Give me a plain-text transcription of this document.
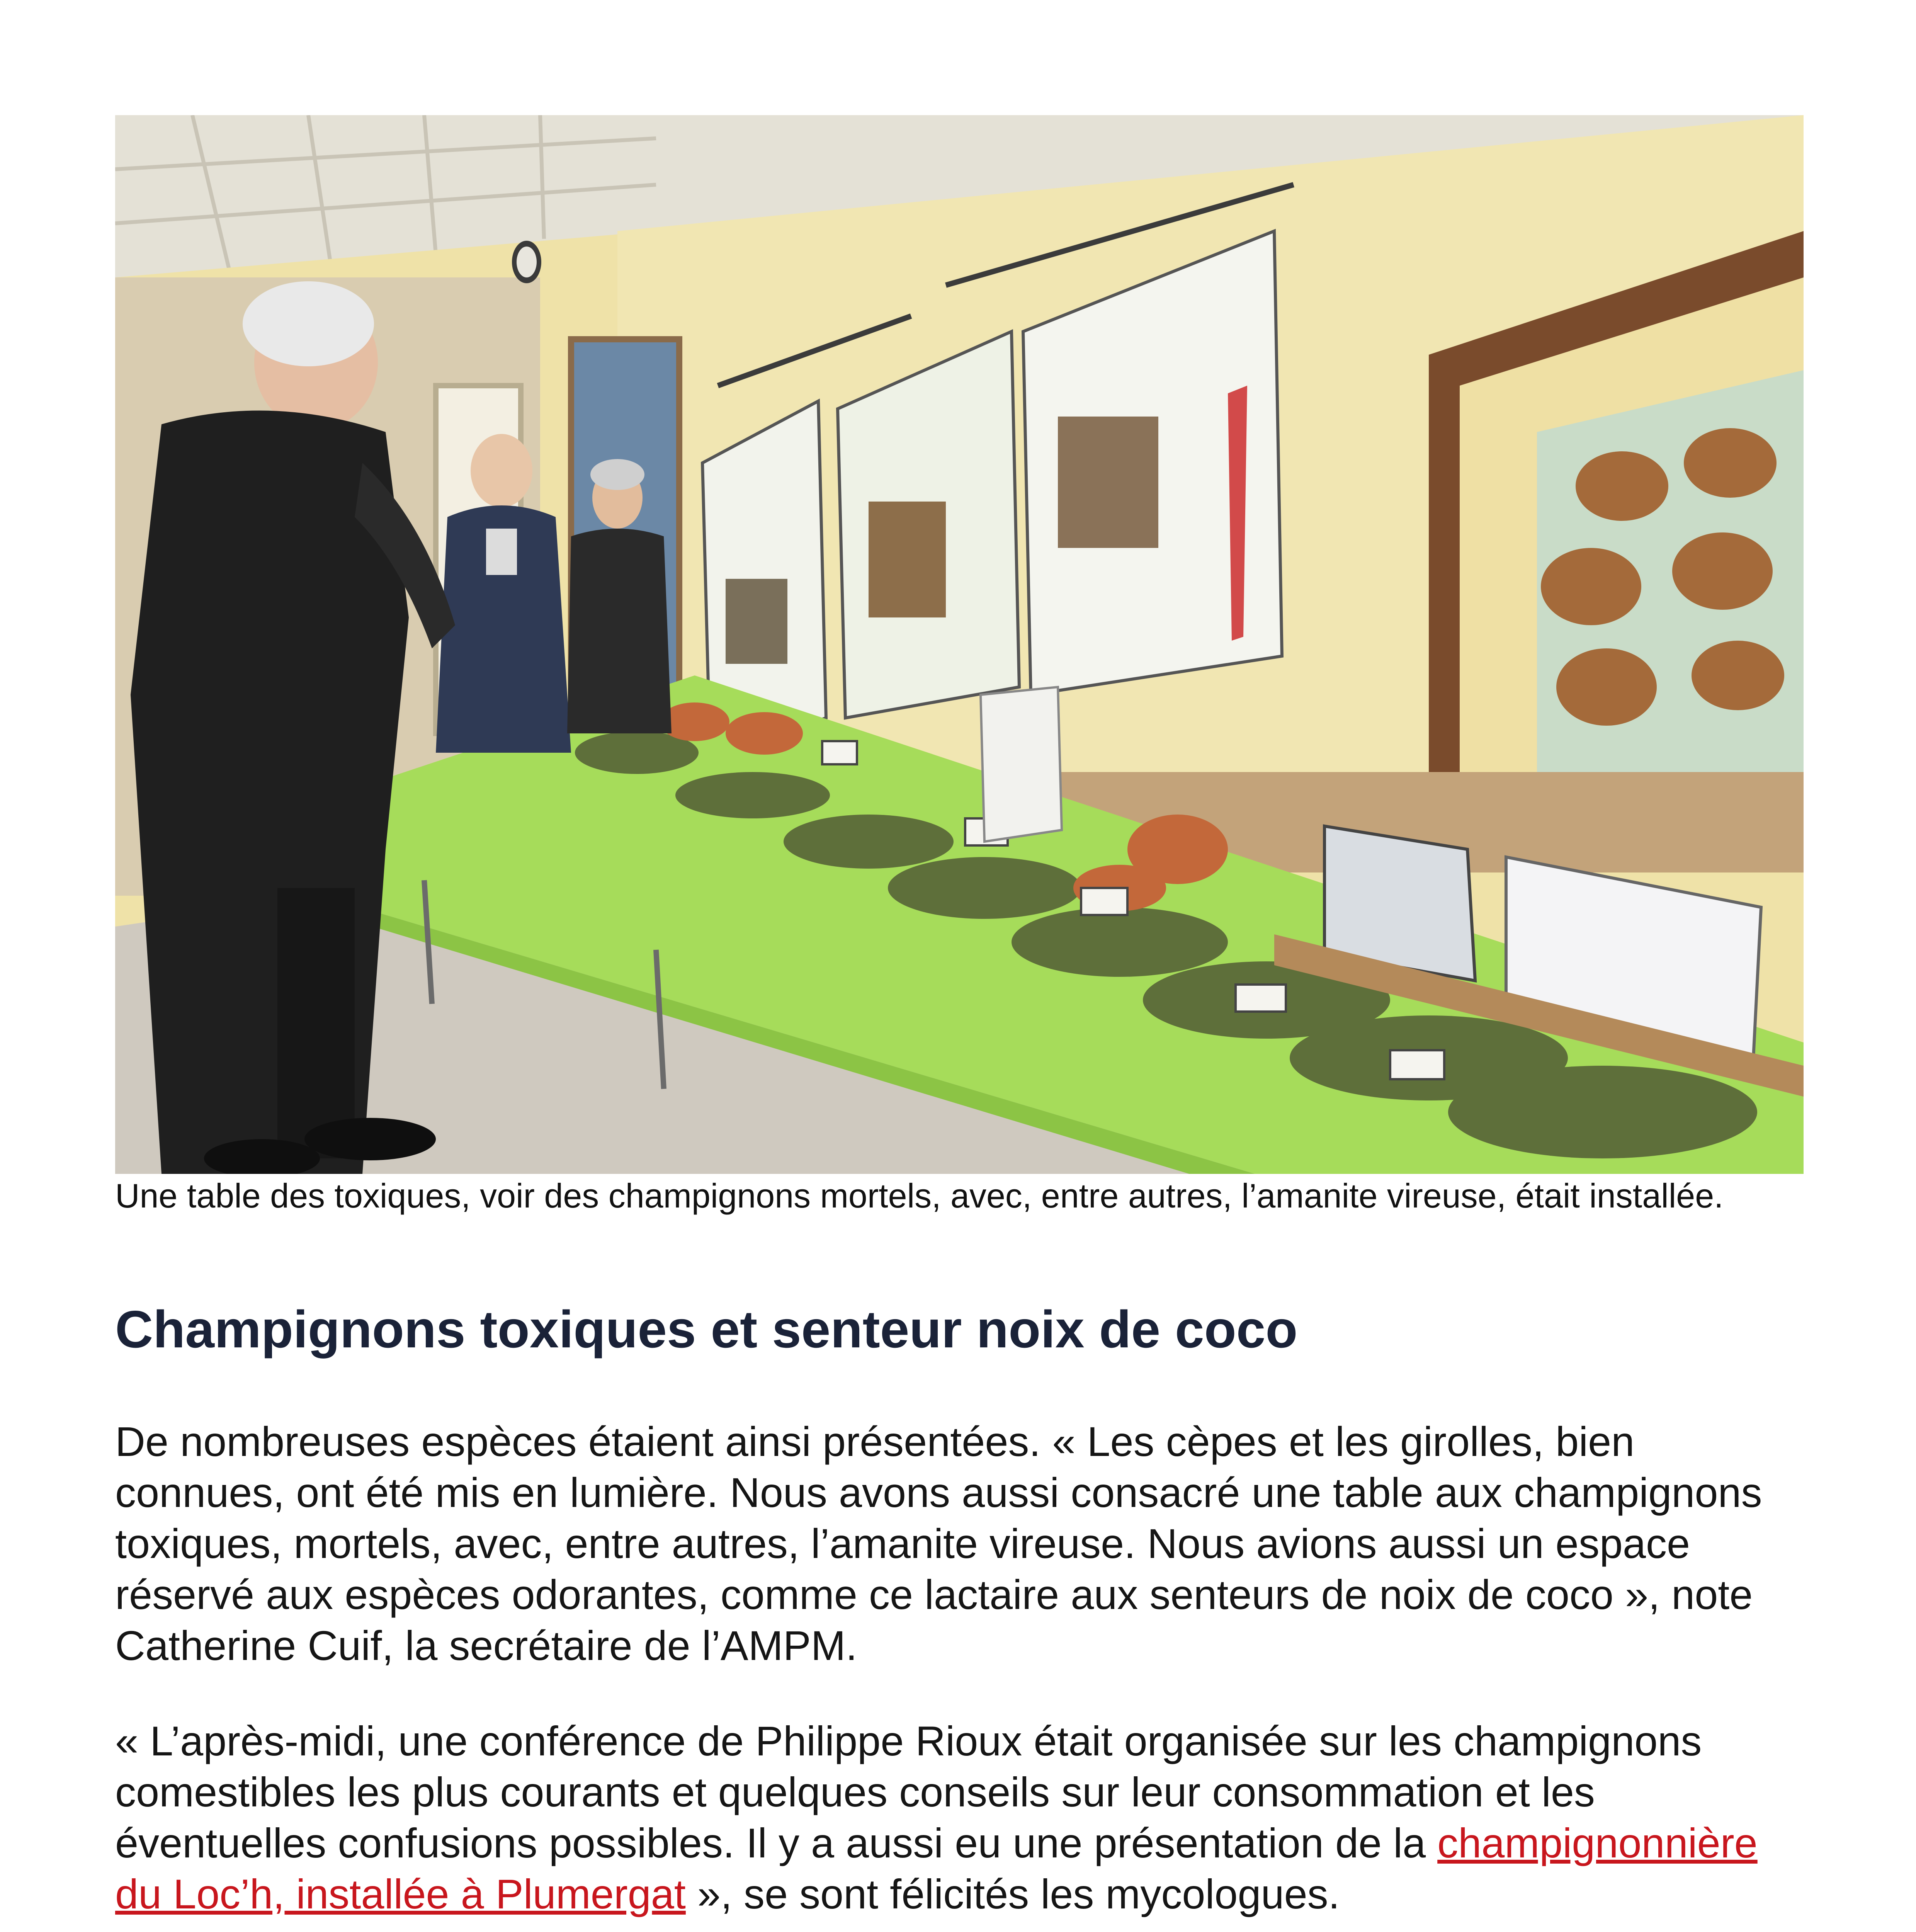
Une table des toxiques, voir des champignons mortels, avec, entre autres, l’amanite vireuse, était installée.

Champignons toxiques et senteur noix de coco

De nombreuses espèces étaient ainsi présentées. « Les cèpes et les girolles, bien connues, ont été mis en lumière. Nous avons aussi consacré une table aux champignons toxiques, mortels, avec, entre autres, l’amanite vireuse. Nous avions aussi un espace réservé aux espèces odorantes, comme ce lactaire aux senteurs de noix de coco », note Catherine Cuif, la secrétaire de l’AMPM.

« L’après-midi, une conférence de Philippe Rioux était organisée sur les champignons comestibles les plus courants et quelques conseils sur leur consommation et les éventuelles confusions possibles. Il y a aussi eu une présentation de la champignonnière du Loc’h, installée à Plumergat », se sont félicités les mycologues.
